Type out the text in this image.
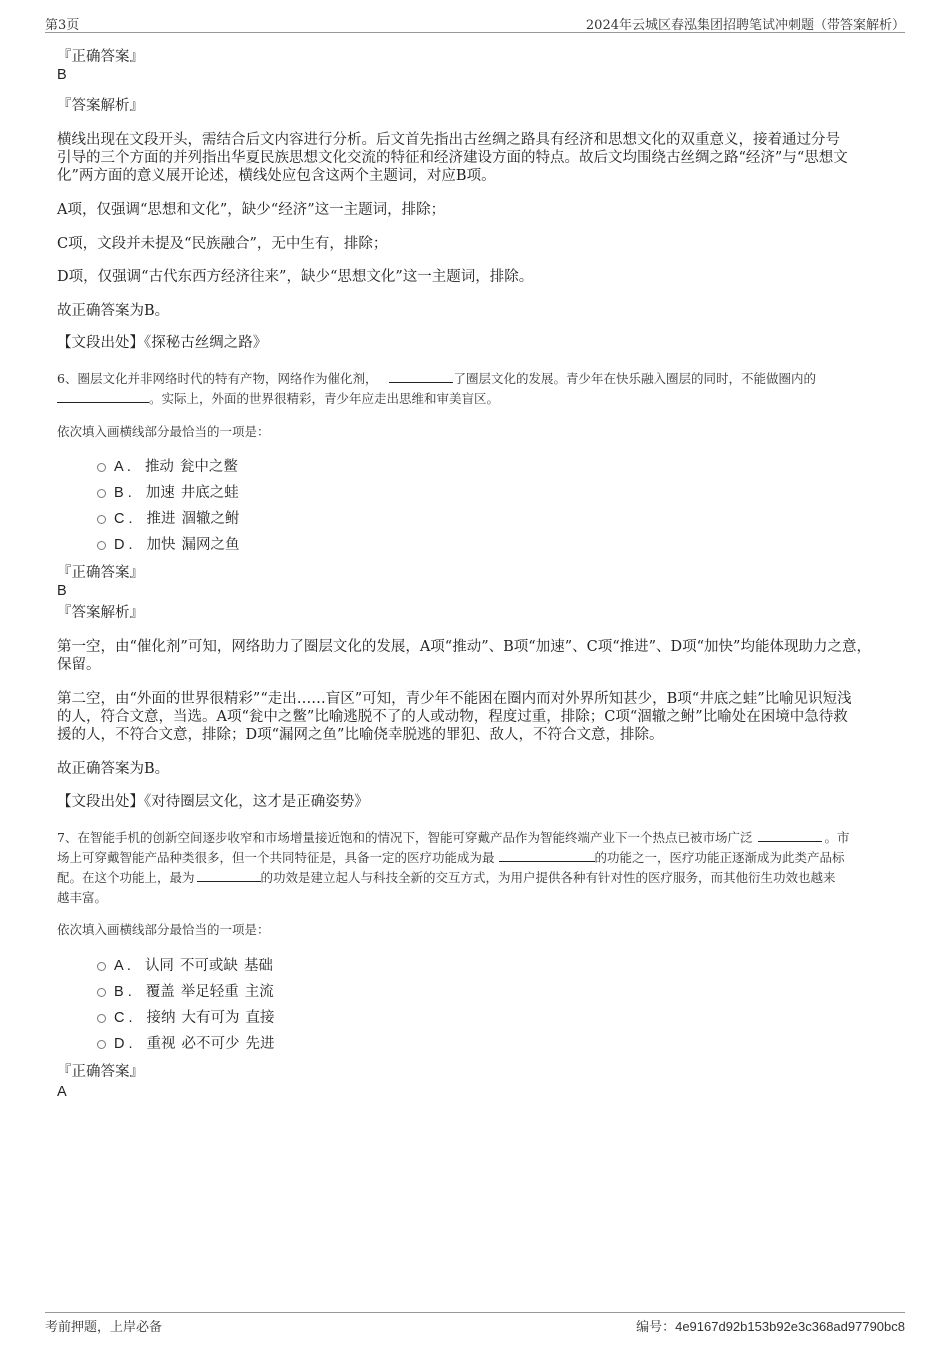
第3页	2024年云城区春泓集团招聘笔试冲刺题（带答案解析）
『正确答案』
B
『答案解析』
横线出现在文段开头，需结合后文内容进行分析。后文首先指出古丝绸之路具有经济和思想文化的双重意义，接着通过分号
引导的三个方面的并列指出华夏民族思想文化交流的特征和经济建设方面的特点。故后文均围绕古丝绸之路“经济”与“思想文
化”两方面的意义展开论述，横线处应包含这两个主题词，对应B项。
A项，仅强调“思想和文化”，缺少“经济”这一主题词，排除；
C项，文段并未提及“民族融合”，无中生有，排除；
D项，仅强调“古代东西方经济往来”，缺少“思想文化”这一主题词，排除。
故正确答案为B。
【文段出处】《探秘古丝绸之路》
6、圈层文化并非网络时代的特有产物，网络作为催化剂，	了圈层文化的发展。青少年在快乐融入圈层的同时，不能做圈内的
。实际上，外面的世界很精彩，青少年应走出思维和审美盲区。
依次填入画横线部分最恰当的一项是：
A . 推动 瓮中之鳖
B . 加速 井底之蛙
C . 推进 涸辙之鲋
D . 加快 漏网之鱼
『正确答案』
B
『答案解析』
第一空，由“催化剂”可知，网络助力了圈层文化的发展，A项“推动”、B项“加速”、C项“推进”、D项“加快”均能体现助力之意，
保留。
第二空，由“外面的世界很精彩”“走出……盲区”可知，青少年不能困在圈内而对外界所知甚少，B项“井底之蛙”比喻见识短浅
的人，符合文意，当选。A项“瓮中之鳖”比喻逃脱不了的人或动物，程度过重，排除；C项“涸辙之鲋”比喻处在困境中急待救
援的人，不符合文意，排除；D项“漏网之鱼”比喻侥幸脱逃的罪犯、敌人，不符合文意，排除。
故正确答案为B。
【文段出处】《对待圈层文化，这才是正确姿势》
7、在智能手机的创新空间逐步收窄和市场增量接近饱和的情况下，智能可穿戴产品作为智能终端产业下一个热点已被市场广泛	。市
场上可穿戴智能产品种类很多，但一个共同特征是，具备一定的医疗功能成为最	的功能之一，医疗功能正逐渐成为此类产品标
配。在这个功能上，最为	的功效是建立起人与科技全新的交互方式，为用户提供各种有针对性的医疗服务，而其他衍生功效也越来
越丰富。
依次填入画横线部分最恰当的一项是：
A . 认同 不可或缺 基础
B . 覆盖 举足轻重 主流
C . 接纳 大有可为 直接
D . 重视 必不可少 先进
『正确答案』
A
考前押题，上岸必备	编号：4e9167d92b153b92e3c368ad97790bc8
